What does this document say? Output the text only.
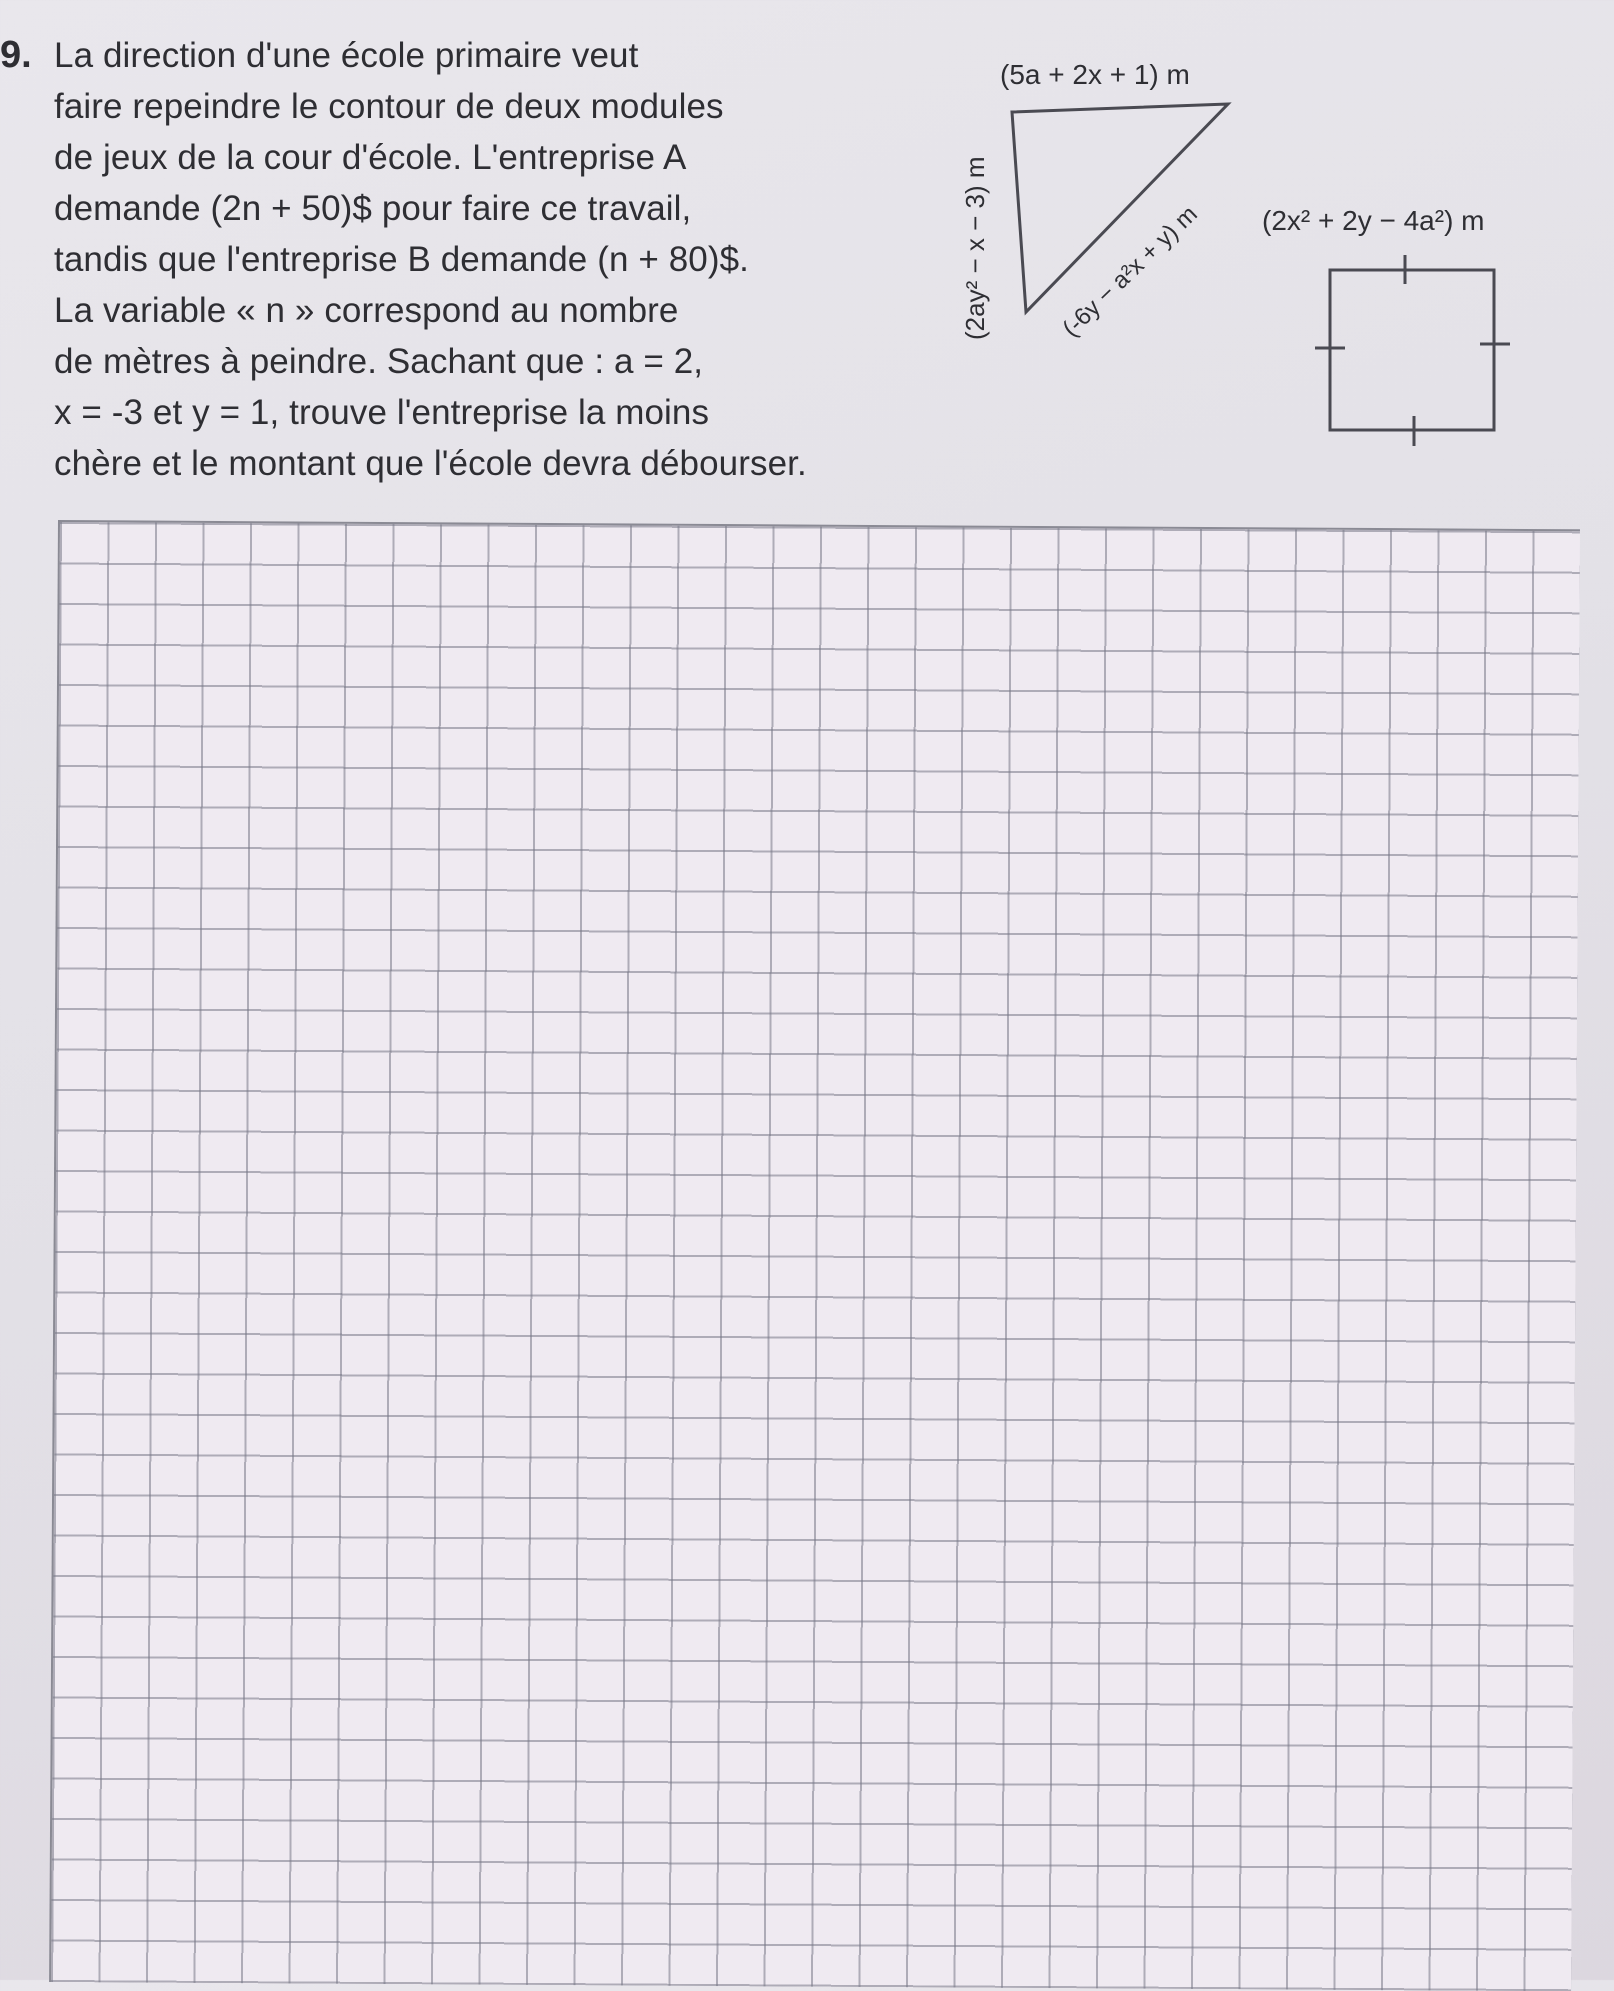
9. La direction d'une école primaire veut
faire repeindre le contour de deux modules
de jeux de la cour d'école. L'entreprise A
demande (2n + 50)$ pour faire ce travail,
tandis que l'entreprise B demande (n + 80)$.
La variable « n » correspond au nombre
de mètres à peindre. Sachant que : a = 2,
x = -3 et y = 1, trouve l'entreprise la moins
chère et le montant que l'école devra débourser.
(5a + 2x + 1) m
(2ay² − x − 3) m	(-6y − a²x + y) m (2x² + 2y − 4a²) m
